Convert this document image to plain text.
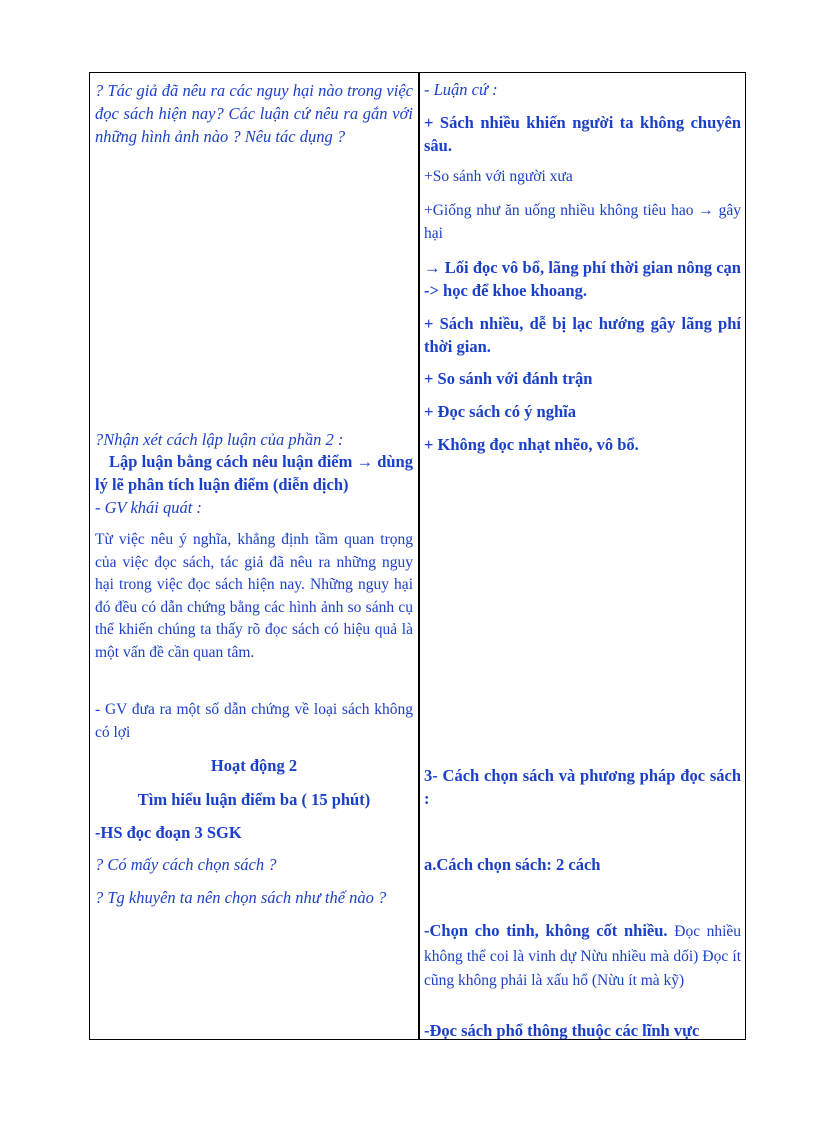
? Tác giả đã nêu ra các nguy hại nào trong việc đọc sách hiện nay? Các luận cứ nêu ra gắn với những hình ảnh nào ? Nêu tác dụng ?

?Nhận xét cách lập luận của phần 2 :

Lập luận bằng cách nêu luận điểm → dùng lý lẽ phân tích luận điểm (diễn dịch)

- GV khái quát :

Từ việc nêu ý nghĩa, khẳng định tầm quan trọng của việc đọc sách, tác giả đã nêu ra những nguy hại trong việc đọc sách hiện nay. Những nguy hại đó đều có dẫn chứng bằng các hình ảnh so sánh cụ thể khiến chúng ta thấy rõ đọc sách có hiệu quả là một vấn đề cần quan tâm.

- GV đưa ra một số dẫn chứng về loại sách không có lợi

Hoạt động 2

Tìm hiểu luận điểm ba ( 15 phút)

-HS đọc đoạn 3 SGK

? Có mấy cách chọn sách ?

? Tg khuyên ta nên chọn sách như thế nào ?

- Luận cứ :

+ Sách nhiều khiến người ta không chuyên sâu.

+So sánh với người xưa

+Giống như ăn uống nhiều không tiêu hao → gây hại

→ Lối đọc vô bổ, lãng phí thời gian nông cạn -> học để khoe khoang.

+ Sách nhiều, dễ bị lạc hướng gây lãng phí thời gian.

+ So sánh với đánh trận

+ Đọc sách có ý nghĩa

+ Không đọc nhạt nhẽo, vô bổ.

3- Cách chọn sách và phương pháp đọc sách :

a.Cách chọn sách: 2 cách

-Chọn cho tinh, không cốt nhiều. Đọc nhiều không thể coi là vinh dự Nừu nhiều mà dối) Đọc ít cũng không phải là xấu hổ (Nừu ít mà kỹ)

-Đọc sách phổ thông thuộc các lĩnh vực
